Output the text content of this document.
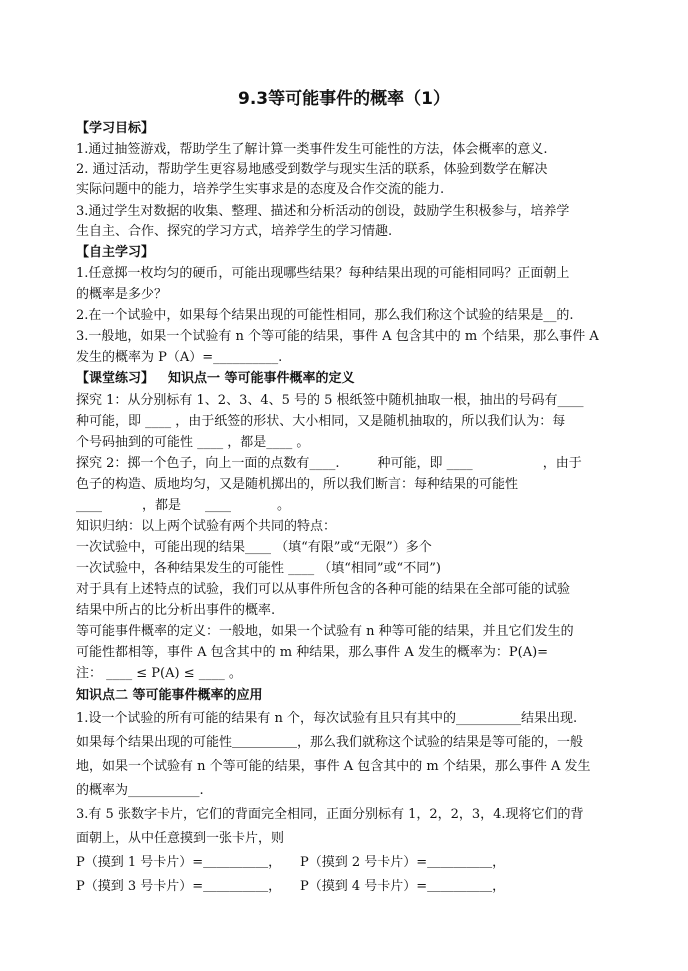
9.3等可能事件的概率（1）
【学习目标】
1.通过抽签游戏，帮助学生了解计算一类事件发生可能性的方法，体会概率的意义.
2. 通过活动，帮助学生更容易地感受到数学与现实生活的联系，体验到数学在解决
实际问题中的能力，培养学生实事求是的态度及合作交流的能力.
3.通过学生对数据的收集、整理、描述和分析活动的创设，鼓励学生积极参与，培养学
生自主、合作、探究的学习方式，培养学生的学习情趣.
【自主学习】
1.任意掷一枚均匀的硬币，可能出现哪些结果？每种结果出现的可能相同吗？正面朝上
的概率是多少？
2.在一个试验中，如果每个结果出现的可能性相同，那么我们称这个试验的结果是__的.
3.一般地，如果一个试验有 n 个等可能的结果，事件 A 包含其中的 m 个结果，那么事件 A
发生的概率为 P（A）=__________.
【课堂练习】 知识点一 等可能事件概率的定义
探究 1：从分别标有 1、2、3、4、5 号的 5 根纸签中随机抽取一根，抽出的号码有____
种可能，即 ____ ，由于纸签的形状、大小相同，又是随机抽取的，所以我们认为：每
个号码抽到的可能性 ____ ，都是____ 。
探究 2：掷一个色子，向上一面的点数有____.	种可能，即 ____	，由于
色子的构造、质地均匀，又是随机掷出的，所以我们断言：每种结果的可能性
____	，都是 ____	。
知识归纳：以上两个试验有两个共同的特点：
一次试验中，可能出现的结果____ （填“有限”或“无限”）多个
一次试验中，各种结果发生的可能性 ____ （填“相同”或“不同”)
对于具有上述特点的试验，我们可以从事件所包含的各种可能的结果在全部可能的试验
结果中所占的比分析出事件的概率.
等可能事件概率的定义：一般地，如果一个试验有 n 种等可能的结果，并且它们发生的
可能性都相等，事件 A 包含其中的 m 种结果，那么事件 A 发生的概率为：P(A)=
注： ____ ≤ P(A) ≤ ____ 。
知识点二 等可能事件概率的应用
1.设一个试验的所有可能的结果有 n 个，每次试验有且只有其中的__________结果出现.
如果每个结果出现的可能性＿＿＿＿＿，那么我们就称这个试验的结果是等可能的，一般
地，如果一个试验有 n 个等可能的结果，事件 A 包含其中的 m 个结果，那么事件 A 发生
的概率为___________.
3.有 5 张数字卡片，它们的背面完全相同，正面分别标有 1，2，2，3，4.现将它们的背
面朝上，从中任意摸到一张卡片，则
P（摸到 1 号卡片）=＿＿＿＿＿， P（摸到 2 号卡片）=＿＿＿＿＿，
P（摸到 3 号卡片）=＿＿＿＿＿， P（摸到 4 号卡片）=＿＿＿＿＿，
